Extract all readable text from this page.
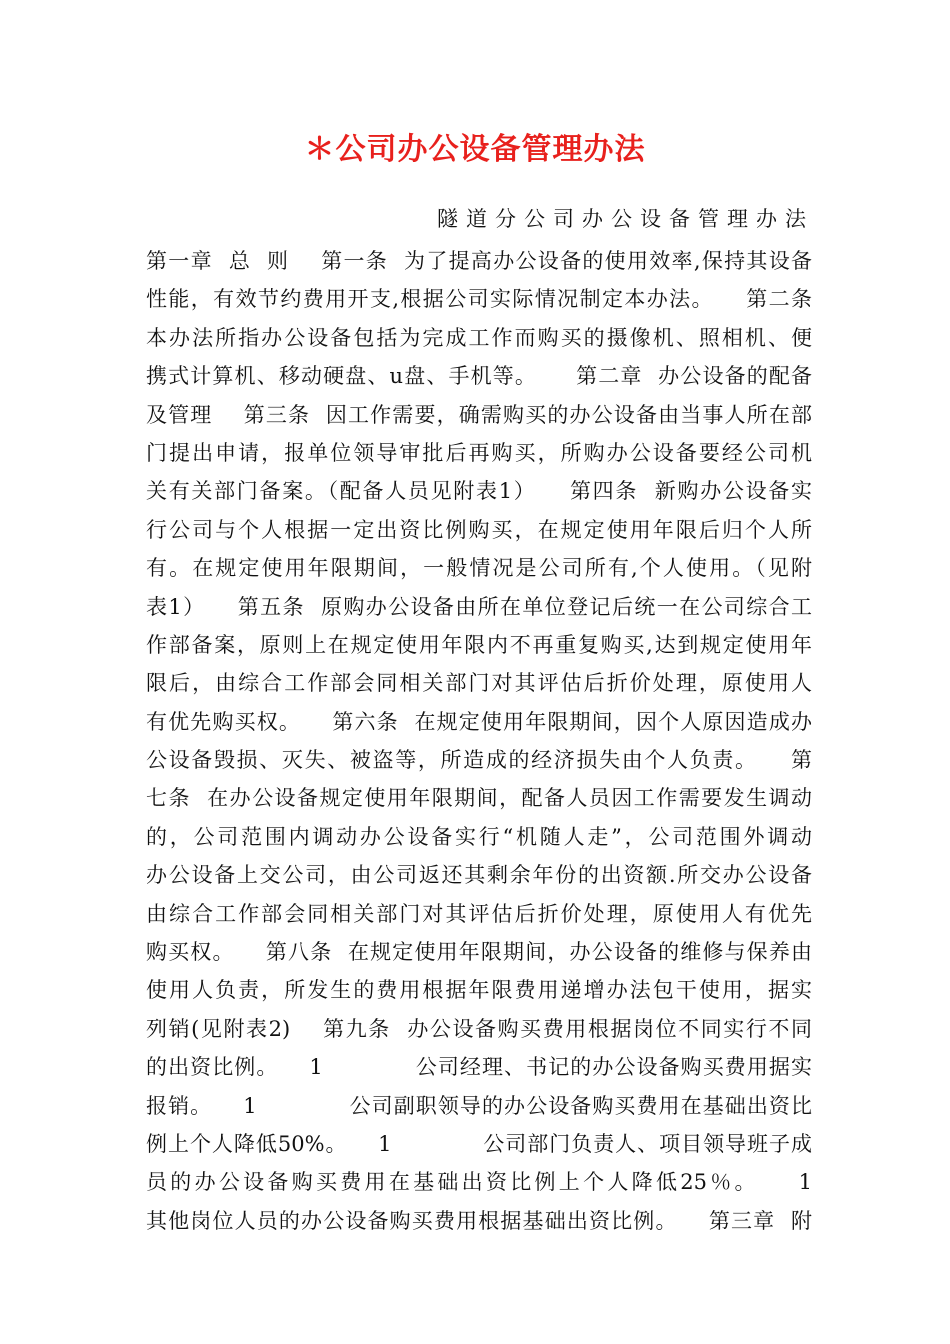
＊公司办公设备管理办法
隧道分公司办公设备管理办法
第一章  总  则    第一条  为了提高办公设备的使用效率,保持其设备
性能，有效节约费用开支,根据公司实际情况制定本办法。    第二条
本办法所指办公设备包括为完成工作而购买的摄像机、照相机、便
携式计算机、移动硬盘、u盘、手机等。     第二章  办公设备的配备
及管理    第三条  因工作需要，确需购买的办公设备由当事人所在部
门提出申请，报单位领导审批后再购买，所购办公设备要经公司机
关有关部门备案。（配备人员见附表1）    第四条  新购办公设备实
行公司与个人根据一定出资比例购买，在规定使用年限后归个人所
有。在规定使用年限期间，一般情况是公司所有,个人使用。（见附
表1）    第五条  原购办公设备由所在单位登记后统一在公司综合工
作部备案，原则上在规定使用年限内不再重复购买,达到规定使用年
限后，由综合工作部会同相关部门对其评估后折价处理，原使用人
有优先购买权。    第六条  在规定使用年限期间，因个人原因造成办
公设备毁损、灭失、被盗等，所造成的经济损失由个人负责。    第
七条  在办公设备规定使用年限期间，配备人员因工作需要发生调动
的，公司范围内调动办公设备实行“机随人走”，公司范围外调动
办公设备上交公司，由公司返还其剩余年份的出资额.所交办公设备
由综合工作部会同相关部门对其评估后折价处理，原使用人有优先
购买权。    第八条  在规定使用年限期间，办公设备的维修与保养由
使用人负责，所发生的费用根据年限费用递增办法包干使用，据实
列销(见附表2)    第九条  办公设备购买费用根据岗位不同实行不同
的出资比例。    1            公司经理、书记的办公设备购买费用据实
报销。    1            公司副职领导的办公设备购买费用在基础出资比
例上个人降低50%。    1            公司部门负责人、项目领导班子成
员的办公设备购买费用在基础出资比例上个人降低25％。    1
其他岗位人员的办公设备购买费用根据基础出资比例。    第三章  附
